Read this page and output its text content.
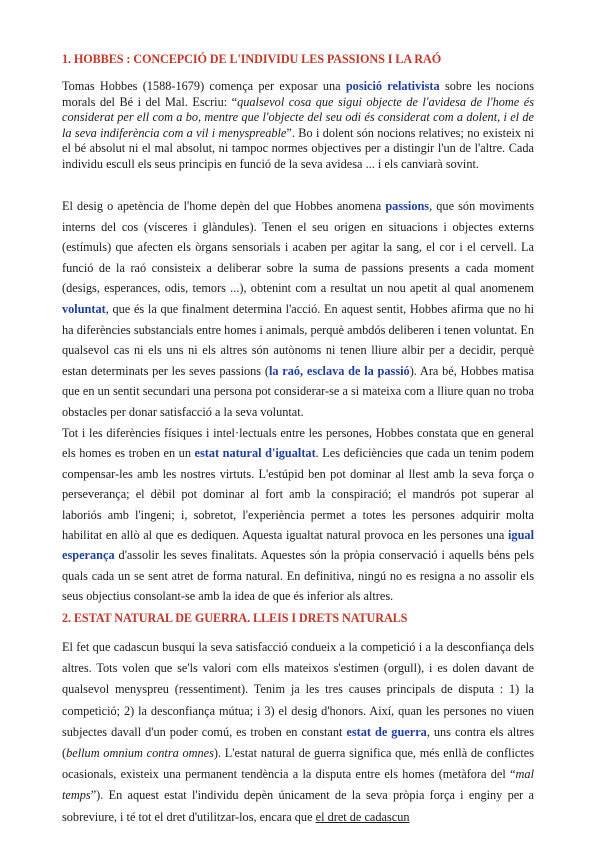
1. HOBBES : CONCEPCIÓ DE L'INDIVIDU LES PASSIONS I LA RAÓ

Tomas Hobbes (1588-1679) comença per exposar una posició relativista sobre les nocions morals del Bé i del Mal. Escriu: “qualsevol cosa que sigui objecte de l'avidesa de l'home és considerat per ell com a bo, mentre que l'objecte del seu odi és considerat com a dolent, i el de la seva indiferència com a vil i menyspreable”. Bo i dolent són nocions relatives; no existeix ni el bé absolut ni el mal absolut, ni tampoc normes objectives per a distingir l'un de l'altre. Cada individu escull els seus principis en funció de la seva avidesa ... i els canviarà sovint.

El desig o apetència de l'home depèn del que Hobbes anomena passions, que són moviments interns del cos (vísceres i glàndules). Tenen el seu origen en situacions i objectes externs (estímuls) que afecten els òrgans sensorials i acaben per agitar la sang, el cor i el cervell. La funció de la raó consisteix a deliberar sobre la suma de passions presents a cada moment (desigs, esperances, odis, temors ...), obtenint com a resultat un nou apetit al qual anomenem voluntat, que és la que finalment determina l'acció. En aquest sentit, Hobbes afirma que no hi ha diferències substancials entre homes i animals, perquè ambdós deliberen i tenen voluntat. En qualsevol cas ni els uns ni els altres són autònoms ni tenen lliure albir per a decidir, perquè estan determinats per les seves passions (la raó, esclava de la passió). Ara bé, Hobbes matisa que en un sentit secundari una persona pot considerar-se a si mateixa com a lliure quan no troba obstacles per donar satisfacció a la seva voluntat.

Tot i les diferències físiques i intel·lectuals entre les persones, Hobbes constata que en general els homes es troben en un estat natural d'igualtat. Les deficiències que cada un tenim podem compensar-les amb les nostres virtuts. L'estúpid ben pot dominar al llest amb la seva força o perseverança; el dèbil pot dominar al fort amb la conspiració; el mandrós pot superar al laboriós amb l'ingeni; i, sobretot, l'experiència permet a totes les persones adquirir molta habilitat en allò al que es dediquen. Aquesta igualtat natural provoca en les persones una igual esperança d'assolir les seves finalitats. Aquestes són la pròpia conservació i aquells béns pels quals cada un se sent atret de forma natural. En definitiva, ningú no es resigna a no assolir els seus objectius consolant-se amb la idea de que és inferior als altres.

2. ESTAT NATURAL DE GUERRA. LLEIS I DRETS NATURALS

El fet que cadascun busqui la seva satisfacció condueix a la competició i a la desconfiança dels altres. Tots volen que se'ls valori com ells mateixos s'estimen (orgull), i es dolen davant de qualsevol menyspreu (ressentiment). Tenim ja les tres causes principals de disputa : 1) la competició; 2) la desconfiança mútua; i 3) el desig d'honors. Així, quan les persones no viuen subjectes davall d'un poder comú, es troben en constant estat de guerra, uns contra els altres (bellum omnium contra omnes). L'estat natural de guerra significa que, més enllà de conflictes ocasionals, existeix una permanent tendència a la disputa entre els homes (metàfora del “mal temps”). En aquest estat l'individu depèn únicament de la seva pròpia força i enginy per a sobreviure, i té tot el dret d'utilitzar-los, encara que el dret de cadascun
